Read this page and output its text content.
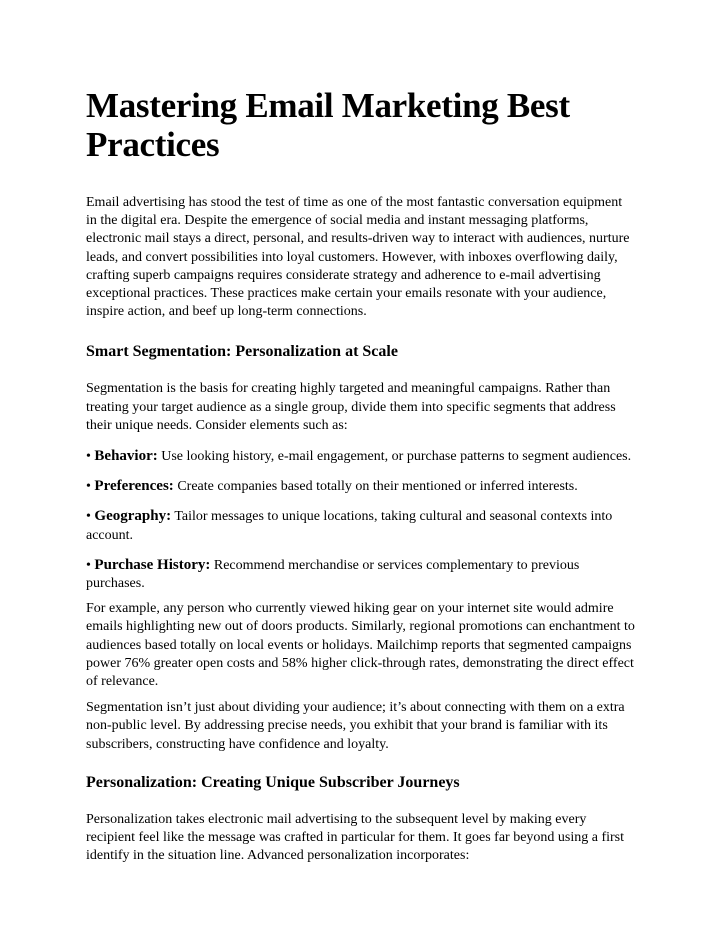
Mastering Email Marketing Best Practices

Email advertising has stood the test of time as one of the most fantastic conversation equipment in the digital era. Despite the emergence of social media and instant messaging platforms, electronic mail stays a direct, personal, and results-driven way to interact with audiences, nurture leads, and convert possibilities into loyal customers. However, with inboxes overflowing daily, crafting superb campaigns requires considerate strategy and adherence to e-mail advertising exceptional practices. These practices make certain your emails resonate with your audience, inspire action, and beef up long-term connections.

Smart Segmentation: Personalization at Scale

Segmentation is the basis for creating highly targeted and meaningful campaigns. Rather than treating your target audience as a single group, divide them into specific segments that address their unique needs. Consider elements such as:

• Behavior: Use looking history, e-mail engagement, or purchase patterns to segment audiences.

• Preferences: Create companies based totally on their mentioned or inferred interests.

• Geography: Tailor messages to unique locations, taking cultural and seasonal contexts into account.

• Purchase History: Recommend merchandise or services complementary to previous purchases.

For example, any person who currently viewed hiking gear on your internet site would admire emails highlighting new out of doors products. Similarly, regional promotions can enchantment to audiences based totally on local events or holidays. Mailchimp reports that segmented campaigns power 76% greater open costs and 58% higher click-through rates, demonstrating the direct effect of relevance.

Segmentation isn’t just about dividing your audience; it’s about connecting with them on a extra non-public level. By addressing precise needs, you exhibit that your brand is familiar with its subscribers, constructing have confidence and loyalty.

Personalization: Creating Unique Subscriber Journeys

Personalization takes electronic mail advertising to the subsequent level by making every recipient feel like the message was crafted in particular for them. It goes far beyond using a first identify in the situation line. Advanced personalization incorporates:
